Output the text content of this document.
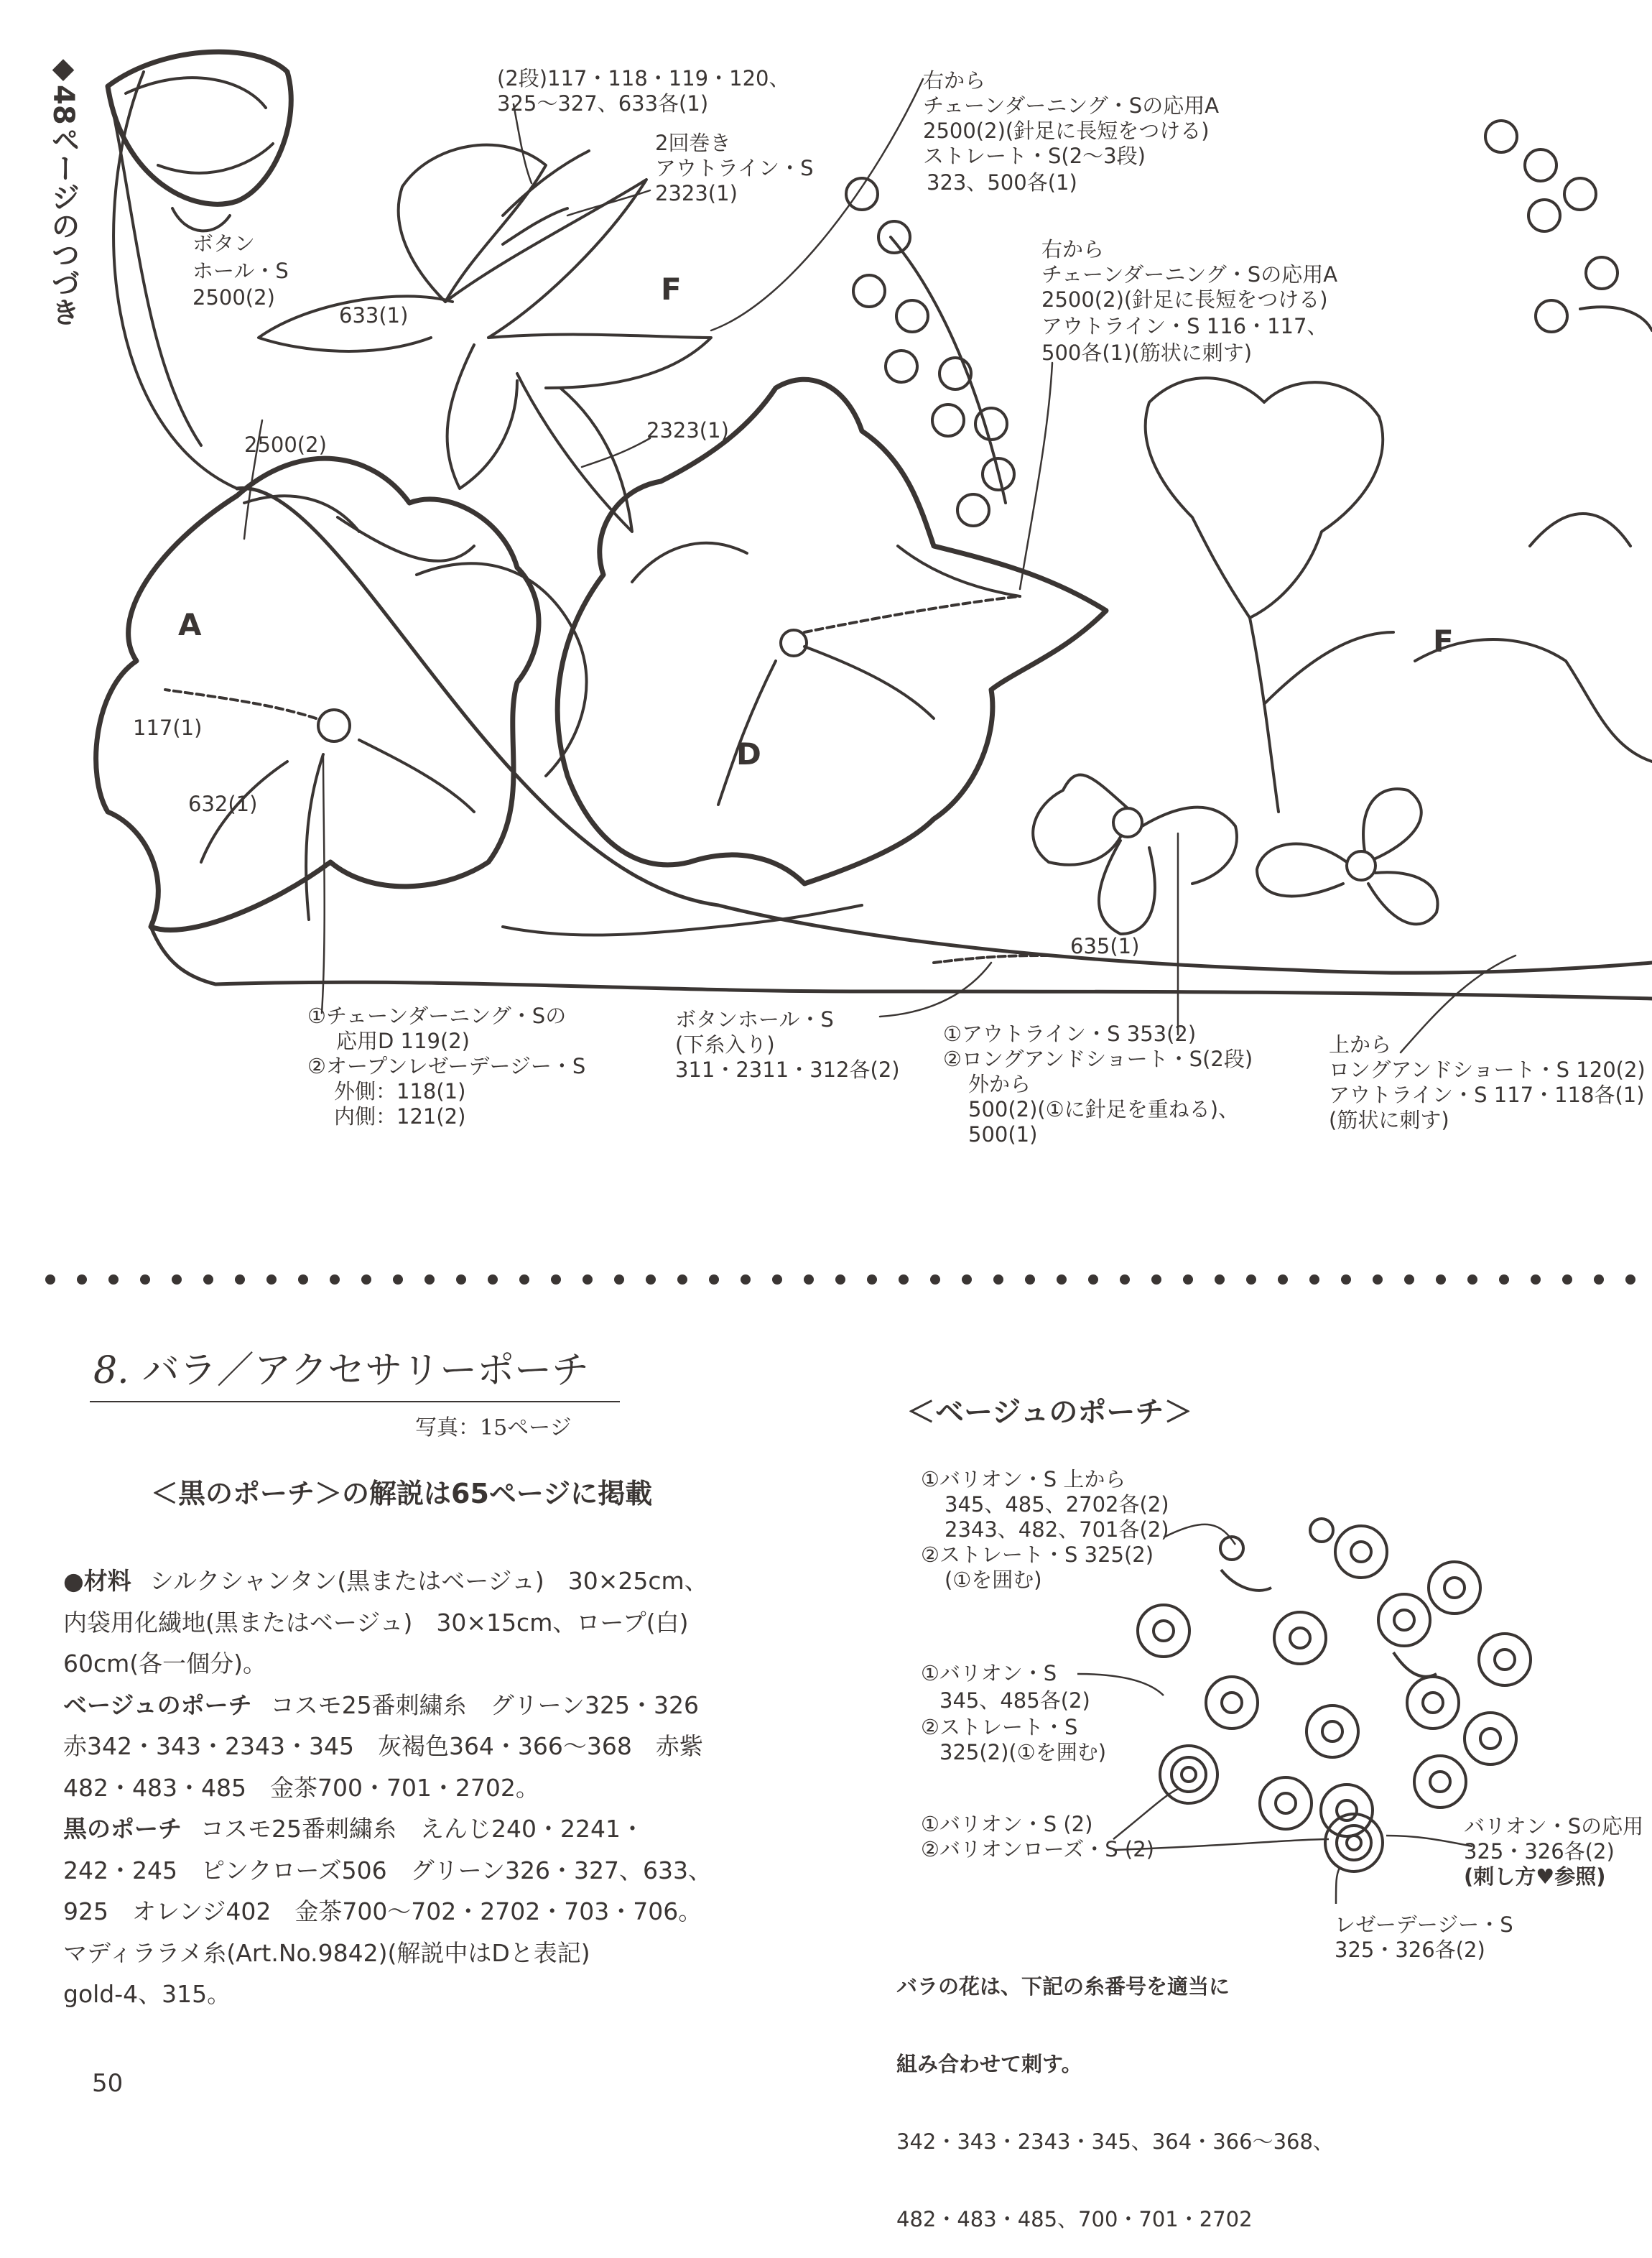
◆48ページのつづき
A
D
F
F
(2段)117・118・119・120、
325〜327、633各(1)
2回巻き
アウトライン・S
2323(1)
右から
チェーンダーニング・Sの応用A
2500(2)(針足に長短をつける)
ストレート・S(2〜3段)
323、500各(1)
ボタン
ホール・S
2500(2)
633(1)
右から
チェーンダーニング・Sの応用A
2500(2)(針足に長短をつける)
アウトライン・S 116・117、
500各(1)(筋状に刺す)
2500(2)
2323(1)
117(1)
632(1)
635(1)
①チェーンダーニング・Sの
応用D 119(2)
②オープンレゼーデージー・S
外側：118(1)
内側：121(2)
ボタンホール・S
(下糸入り)
311・2311・312各(2)
①アウトライン・S 353(2)
②ロングアンドショート・S(2段)
外から
500(2)(①に針足を重ねる)、
500(1)
上から
ロングアンドショート・S 120(2)
アウトライン・S 117・118各(1)
(筋状に刺す)
8. バラ／アクセサリーポーチ
写真：15ページ
＜黒のポーチ＞の解説は65ページに掲載

●材料 シルクシャンタン(黒またはベージュ)　30×25cm、

内袋用化繊地(黒またはベージュ)　30×15cm、ロープ(白)

60cm(各一個分)。

ベージュのポーチ コスモ25番刺繍糸　グリーン325・326

赤342・343・2343・345　灰褐色364・366〜368　赤紫

482・483・485　金茶700・701・2702。

黒のポーチ コスモ25番刺繍糸　えんじ240・2241・

242・245　ピンクローズ506　グリーン326・327、633、

925　オレンジ402　金茶700〜702・2702・703・706。

マディララメ糸(Art.No.9842)(解説中はDと表記)

gold-4、315。

＜ベージュのポーチ＞
①バリオン・S 上から
345、485、2702各(2)
2343、482、701各(2)
②ストレート・S 325(2)
(①を囲む)
①バリオン・S
345、485各(2)
②ストレート・S
325(2)(①を囲む)
①バリオン・S (2)
②バリオンローズ・S (2)
バリオン・Sの応用
325・326各(2)
(刺し方♥参照)
レゼーデージー・S
325・326各(2)

バラの花は、下記の糸番号を適当に

組み合わせて刺す。

342・343・2343・345、364・366〜368、

482・483・485、700・701・2702

50
